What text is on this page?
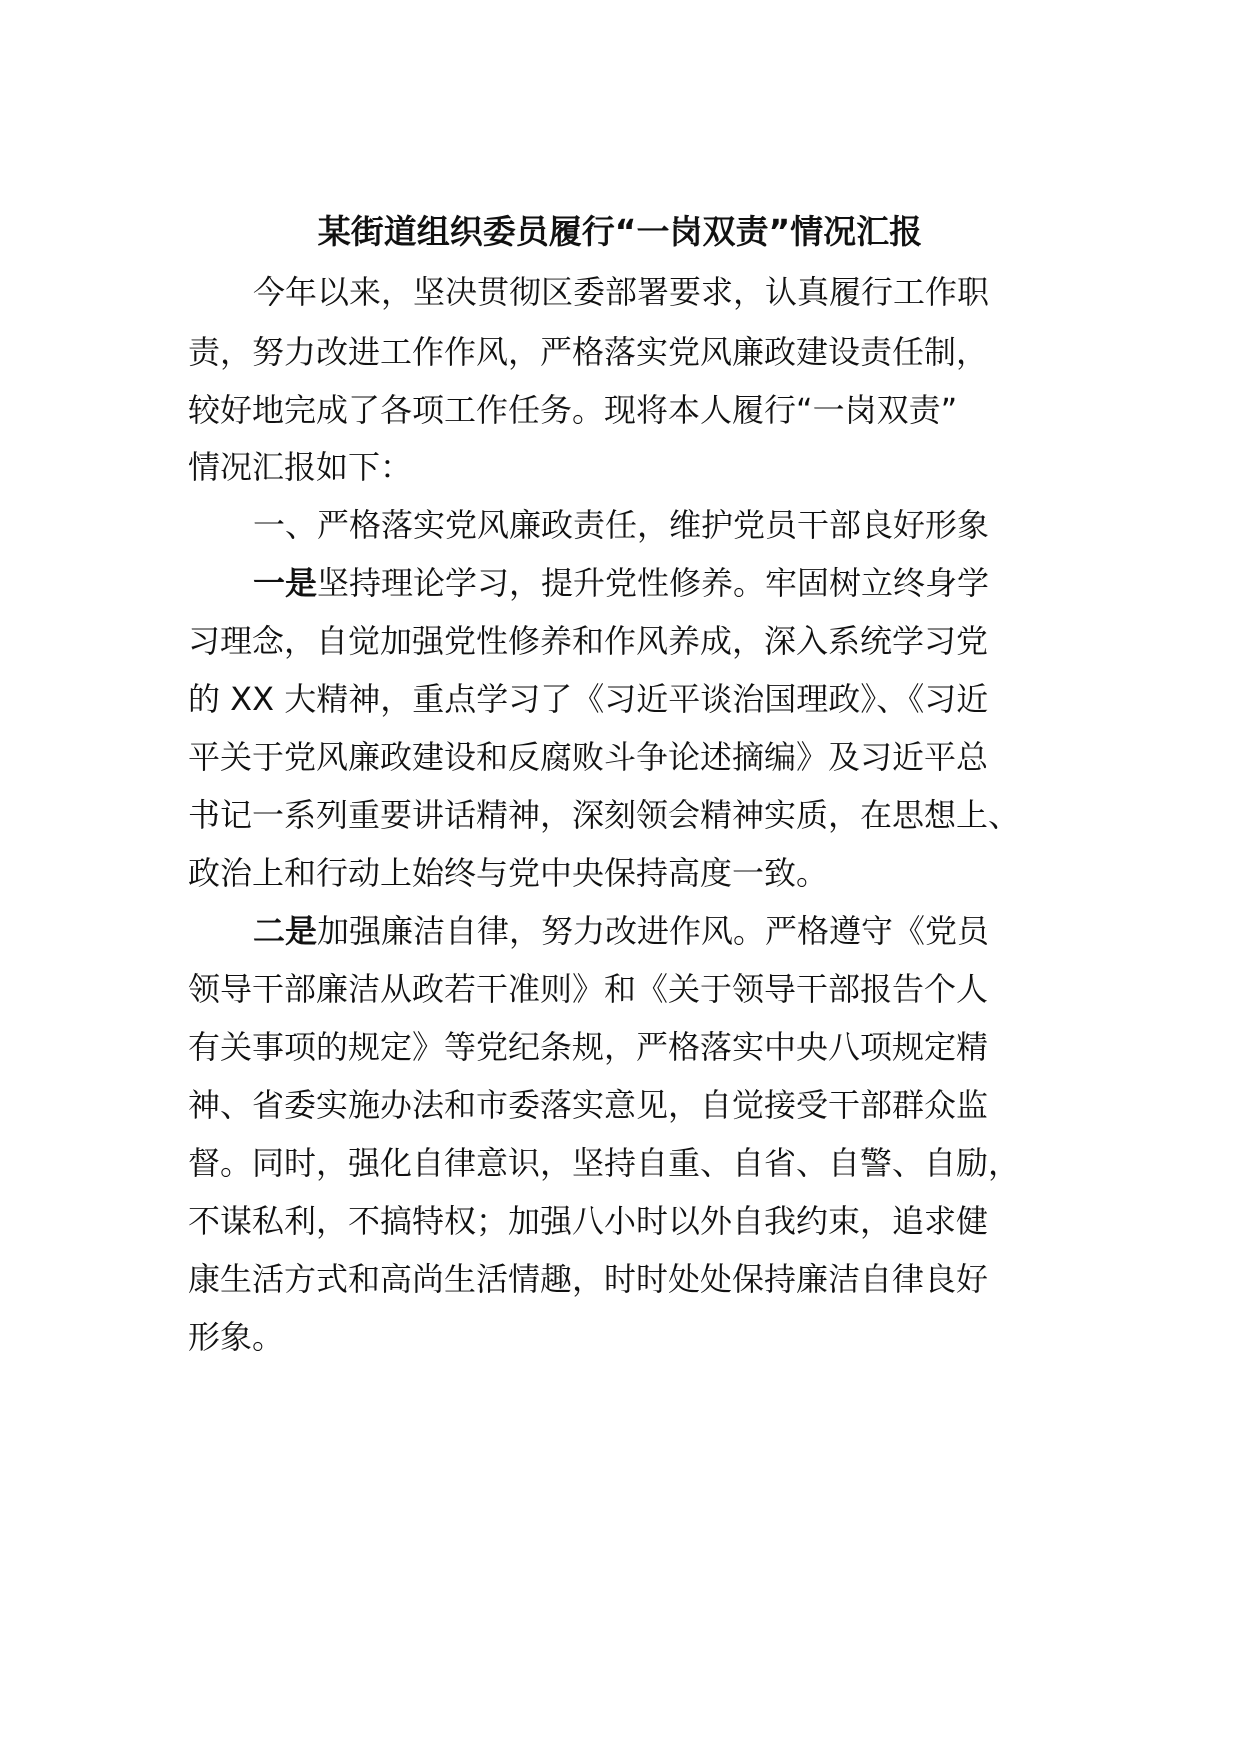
某街道组织委员履行“一岗双责”情况汇报
今年以来，坚决贯彻区委部署要求，认真履行工作职
责，努力改进工作作风，严格落实党风廉政建设责任制，
较好地完成了各项工作任务。现将本人履行“一岗双责”
情况汇报如下：
一、严格落实党风廉政责任，维护党员干部良好形象
一是坚持理论学习，提升党性修养。牢固树立终身学
习理念，自觉加强党性修养和作风养成，深入系统学习党
的 XX 大精神，重点学习了《习近平谈治国理政》、《习近
平关于党风廉政建设和反腐败斗争论述摘编》及习近平总
书记一系列重要讲话精神，深刻领会精神实质，在思想上、
政治上和行动上始终与党中央保持高度一致。
二是加强廉洁自律，努力改进作风。严格遵守《党员
领导干部廉洁从政若干准则》和《关于领导干部报告个人
有关事项的规定》等党纪条规，严格落实中央八项规定精
神、省委实施办法和市委落实意见，自觉接受干部群众监
督。同时，强化自律意识，坚持自重、自省、自警、自励，
不谋私利，不搞特权；加强八小时以外自我约束，追求健
康生活方式和高尚生活情趣，时时处处保持廉洁自律良好
形象。
